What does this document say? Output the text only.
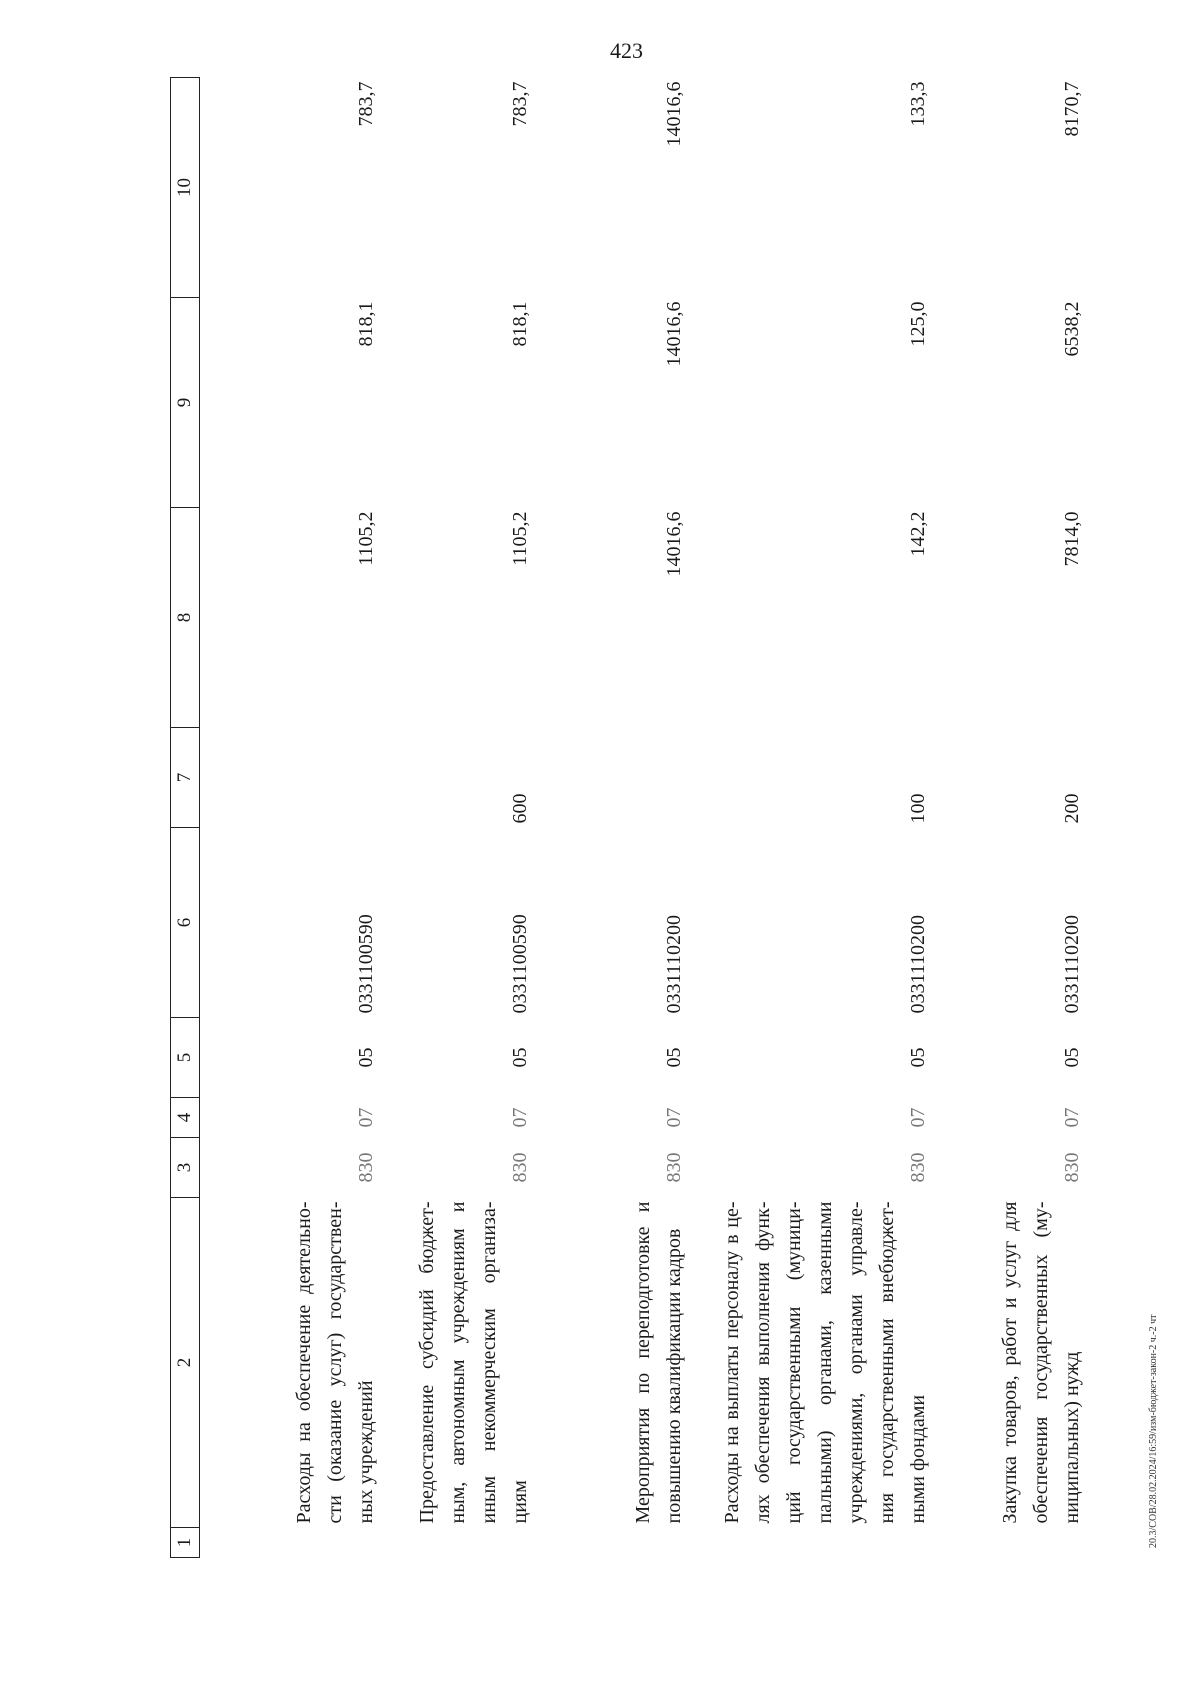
423
1	2	3	4	5	6	7	8	9	10
	Расходы на обеспечение деятельно-сти (оказание услуг) государствен-ных учреждений	830	07	05	0331100590		1105,2	818,1	783,7
	Предоставление субсидий бюджет-ным, автономным учреждениям и иным некоммерческим организа-циям	830	07	05	0331100590	600	1105,2	818,1	783,7
	Мероприятия по переподготовке и повышению квалификации кадров	830	07	05	0331110200		14016,6	14016,6	14016,6
	Расходы на выплаты персоналу в це-лях обеспечения выполнения функ-ций государственными (муници-пальными) органами, казенными учреждениями, органами управле-ния государственными внебюджет-ными фондами	830	07	05	0331110200	100	142,2	125,0	133,3
	Закупка товаров, работ и услуг для обеспечения государственных (му-ниципальных) нужд	830	07	05	0331110200	200	7814,0	6538,2	8170,7
20.3/СОВ/28.02.2024/16:59/изм-бюджет-закон-2 ч.-2 чт
